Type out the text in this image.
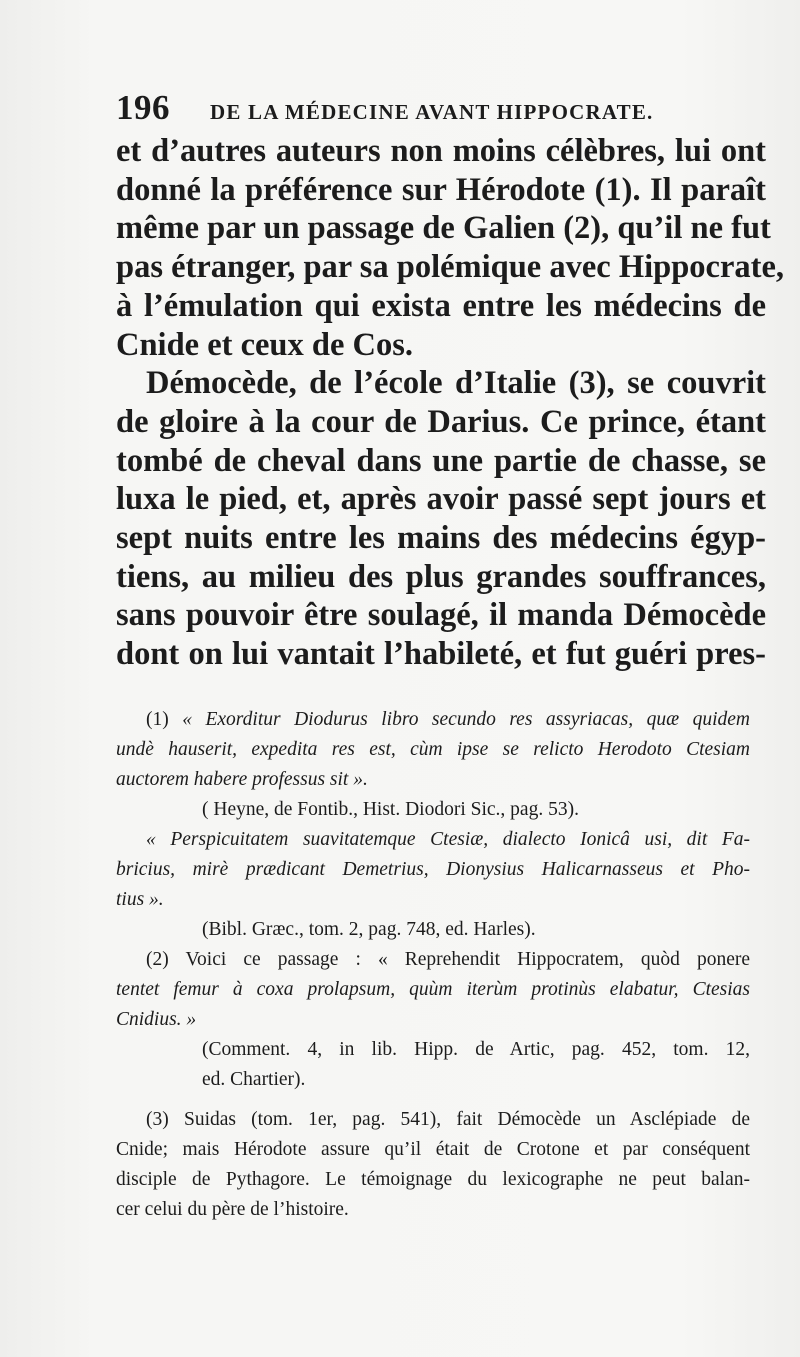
196 DE LA MÉDECINE AVANT HIPPOCRATE.

et d’autres auteurs non moins célèbres, lui ont
donné la préférence sur Hérodote (1). Il paraît
même par un passage de Galien (2), qu’il ne fut
pas étranger, par sa polémique avec Hippocrate,
à l’émulation qui exista entre les médecins de
Cnide et ceux de Cos.

Démocède, de l’école d’Italie (3), se couvrit
de gloire à la cour de Darius. Ce prince, étant
tombé de cheval dans une partie de chasse, se
luxa le pied, et, après avoir passé sept jours et
sept nuits entre les mains des médecins égyp-
tiens, au milieu des plus grandes souffrances,
sans pouvoir être soulagé, il manda Démocède
dont on lui vantait l’habileté, et fut guéri pres-

(1) « Exorditur Diodurus libro secundo res assyriacas, quæ quidem
undè hauserit, expedita res est, cùm ipse se relicto Herodoto Ctesiam
auctorem habere professus sit ».
( Heyne, de Fontib., Hist. Diodori Sic., pag. 53).
« Perspicuitatem suavitatemque Ctesiæ, dialecto Ionicâ usi, dit Fa-
bricius, mirè prædicant Demetrius, Dionysius Halicarnasseus et Pho-
tius ».
(Bibl. Græc., tom. 2, pag. 748, ed. Harles).
(2) Voici ce passage : « Reprehendit Hippocratem, quòd ponere
tentet femur à coxa prolapsum, quùm iterùm protinùs elabatur, Ctesias
Cnidius. »
(Comment. 4, in lib. Hipp. de Artic, pag. 452, tom. 12,
ed. Chartier).
(3) Suidas (tom. 1er, pag. 541), fait Démocède un Asclépiade de
Cnide; mais Hérodote assure qu’il était de Crotone et par conséquent
disciple de Pythagore. Le témoignage du lexicographe ne peut balan-
cer celui du père de l’histoire.
